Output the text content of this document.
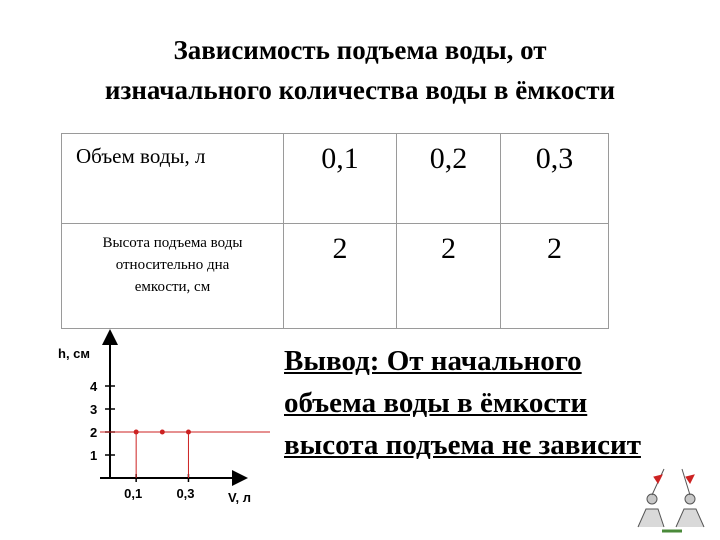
Зависимость подъема воды, от
изначального количества воды в ёмкости
Объем воды, л	0,1	0,2	0,3

Высота подъема воды
относительно дна
емкости, см	2	2	2
1
2
3
4
0,1	0,3
h, см
V, л
Вывод: От начального
объема воды в ёмкости
высота подъема не зависит
